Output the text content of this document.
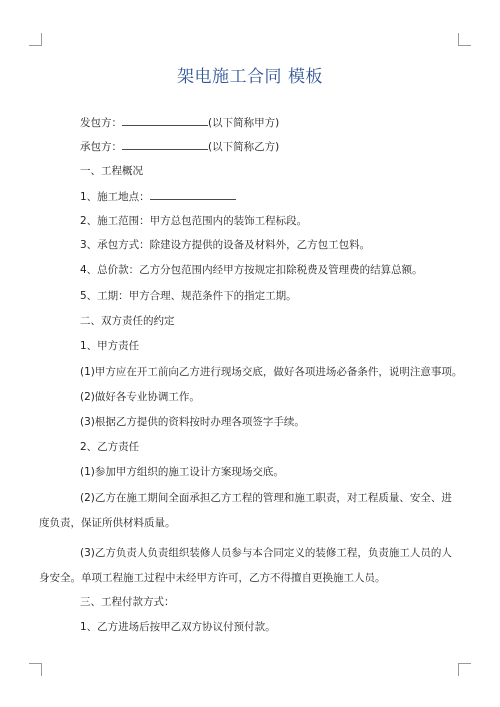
架电施工合同 模板
发包方：	(以下简称甲方)
承包方：	(以下简称乙方)
一、工程概况
1、施工地点：
2、施工范围：甲方总包范围内的装饰工程标段。
3、承包方式：除建设方提供的设备及材料外，乙方包工包料。
4、总价款：乙方分包范围内经甲方按规定扣除税费及管理费的结算总额。
5、工期：甲方合理、规范条件下的指定工期。
二、双方责任的约定
1、甲方责任
(1)甲方应在开工前向乙方进行现场交底，做好各项进场必备条件，说明注意事项。
(2)做好各专业协调工作。
(3)根据乙方提供的资料按时办理各项签字手续。
2、乙方责任
(1)参加甲方组织的施工设计方案现场交底。
(2)乙方在施工期间全面承担乙方工程的管理和施工职责，对工程质量、安全、进
度负责，保证所供材料质量。
(3)乙方负责人负责组织装修人员参与本合同定义的装修工程，负责施工人员的人
身安全。单项工程施工过程中未经甲方许可，乙方不得擅自更换施工人员。
三、工程付款方式：
1、乙方进场后按甲乙双方协议付预付款。
